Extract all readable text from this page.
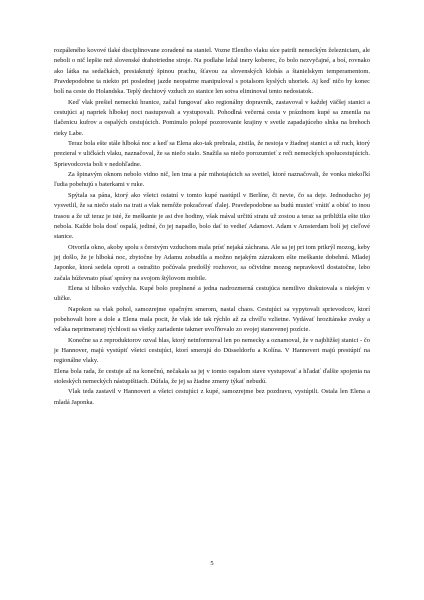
rozpáleného kovové tlaké disciplinovane zoradené na staniel. Vozne Eleniho vlaku síce patrili nemeckým železniciam, ale neboli o nič lepšie než slovenské drahotriedne stroje. Na podlahe ležal inery koberec, čo bolo nezvyčajné, a boí, rovnako ako látka na sedačkách, presiaknutý špinou prachu, šťavou za slovenských klobás a štanielskym temperamentom. Pravdepodobne ta niekto pri poslednej jazde neopatrne manipuloval s potalsom kyslých uhoriek. Aj keď ničo by konec bolí na ceste do Holandska. Teplý dechtový vzduch zo stanice len sotva eliminoval tento nedostatok.

Keď vlak prešiel nemeckú hranice, začal fungovať ako regionálny dopravník, zastavoval v každej väčšej stanici a cestujúci aj napriek hlbokej noci nastupovali a vystupovali. Pohodlná večerná cesta v prázdnom kupé sa zmenila na tlačenicu kufrov a ospalých cestujúcich. Pominulo polopé pozorovanie krajiny v svetle zapadajúceho slnka na brehoch rieky Labe.

Teraz bola ešte stále hlboká noc a keď sa Elena ako-tak prebrala, zistila, že nestojа v žiadnej stanici a už ruch, ktorý prezieral v uličkách vlaku, naznačoval, že sa niečo stalo. Snažila sa niečo porozumieť z reči nemeckých spolucestujúcich. Sprievodcovia boli v nedohľadne.

Za špinavým oknom nebolo vidno nič, len tma a pár mihotajúcich sa svetiel, ktoré naznačovali, že vonka niekoľkí ľudia pobehujú s baterkami v ruke.

Spýtala sa pána, ktorý ako všetci ostatní v tomto kupé nastúpil v Berlíne, či nevie, čo sa deje. Jednoducho jej vysvetlil, že sa niečo stalo na trati a vlak nemôže pokračovať ďalej. Pravdepodobne sa budú musieť vrátiť a obísť to inou trasou a že už teraz je isté, že meškanie je asi dve hodiny, však mával určitú stratu už zostou a teraz sa približila ešte tiko nebola. Každe bola dosť ospalá, jediné, čo jej napadlo, bolo dať to vedieť Adamovi. Adam v Amsterdam bolí jej cieľové stanice.

Otvorila okno, akoby spolu s čerstvým vzduchom mala prísť nejaká záchrana. Ale sa jej pri tom prikrýl mozog, keby jej došlo, že je hlboká noc, zbytočne by Adamu zobudila a možno nejakým zázrakom ešte meškanie dobehnú. Mladej Japonke, ktorá sedela oproti a ostražito počúvala predošlý rozhovor, sa očividne mozog nepravkovil dostatočne, lebo začala húževnato písať správy na svojom štýlovom mobile.

Elena si hlboko vzdychla. Kupé bolo preplnené a jedna nadrozmerná cestujúca nemilivo diskutovala s niekým v uličke.

Napokon sa vlak pohol, samozrejme opačným smerom, nastal chaos. Cestujúci sa vypytovali sprievodcov, ktorí pobehovali hore a dole a Elena mala pocit, že vlak ide tak rýchlo až za chvíľu vzlietne. Vydávať hrozitánske zvuky a vďaka neprimeranej rýchlosti sa všetky zariadenie takmer uvoľňovalo zo svojej stanovenej pozície.

Konečne sa z reproduktorov ozval hlas, ktorý neinformoval len po nemecky a oznamoval, že v najbližšej stanici - čo je Hannover, majú vystúpiť všetci cestujúci, ktorí smerujú do Düsseldorfu a Kolína. V Hannoveri majú prestúpiť na regionálne vlaky.

Elena bola rada, že cestuje až na konečnú, nečakala sa jej v tomto ospalom stave vystupovať a hľadať ďalšie spojenia na stoleských nemeckých nástupištiach. Dúfala, že jej sa žiadne zmeny týkať nebudú.

Vlak teda zastavil v Hannoveri a všetci cestujúci z kupé, samozrejme bez pozdravu, vystúpili. Ostala len Elena a mladá Japonka.

5
